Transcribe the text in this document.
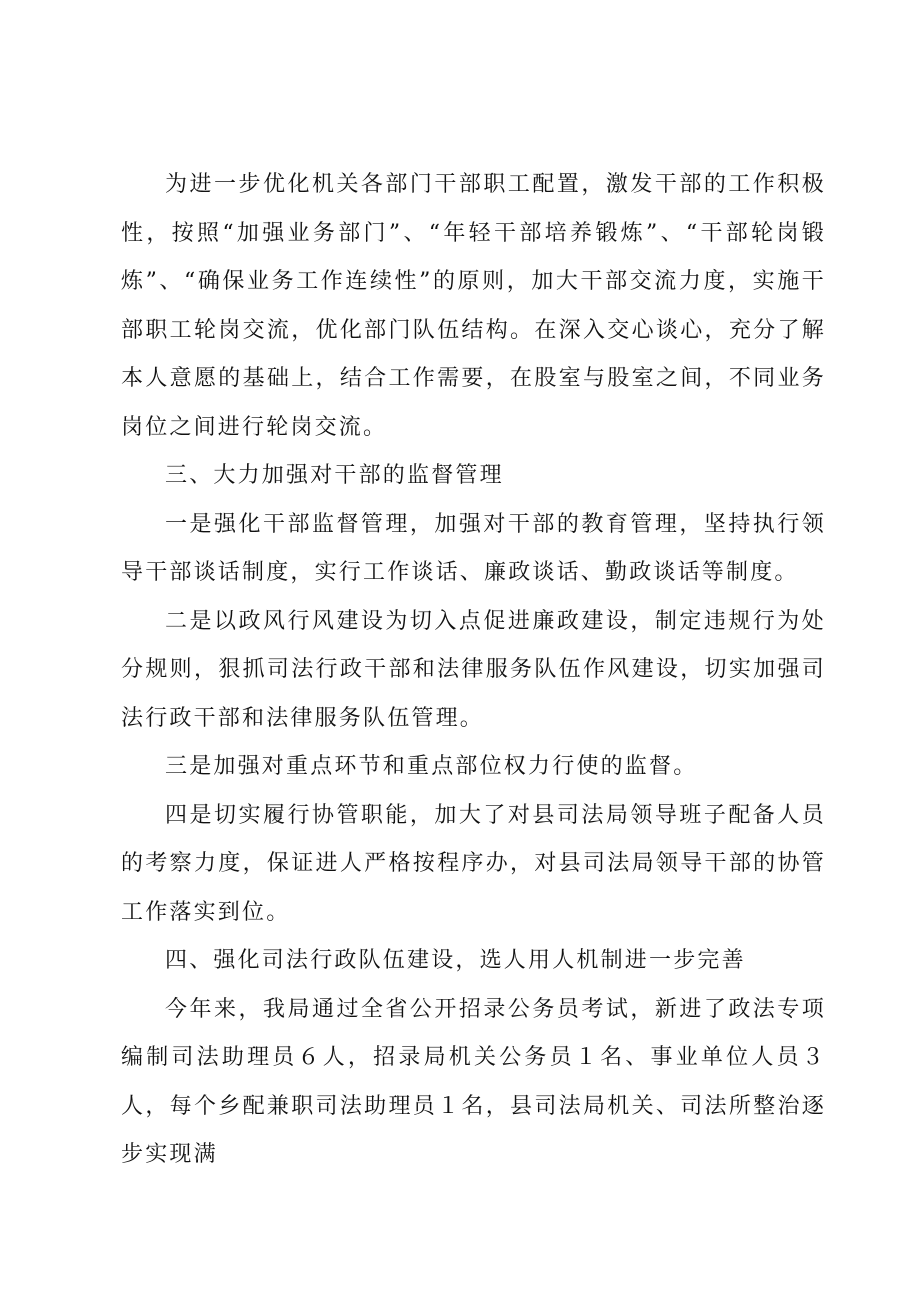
为进一步优化机关各部门干部职工配置，激发干部的工作积极性，按照“加强业务部门”、“年轻干部培养锻炼”、“干部轮岗锻炼”、“确保业务工作连续性”的原则，加大干部交流力度，实施干部职工轮岗交流，优化部门队伍结构。在深入交心谈心，充分了解本人意愿的基础上，结合工作需要，在股室与股室之间，不同业务岗位之间进行轮岗交流。

三、大力加强对干部的监督管理

一是强化干部监督管理，加强对干部的教育管理，坚持执行领导干部谈话制度，实行工作谈话、廉政谈话、勤政谈话等制度。

二是以政风行风建设为切入点促进廉政建设，制定违规行为处分规则，狠抓司法行政干部和法律服务队伍作风建设，切实加强司法行政干部和法律服务队伍管理。

三是加强对重点环节和重点部位权力行使的监督。

四是切实履行协管职能，加大了对县司法局领导班子配备人员的考察力度，保证进人严格按程序办，对县司法局领导干部的协管工作落实到位。

四、强化司法行政队伍建设，选人用人机制进一步完善

今年来，我局通过全省公开招录公务员考试，新进了政法专项编制司法助理员６人，招录局机关公务员１名、事业单位人员３人，每个乡配兼职司法助理员１名，县司法局机关、司法所整治逐步实现满
